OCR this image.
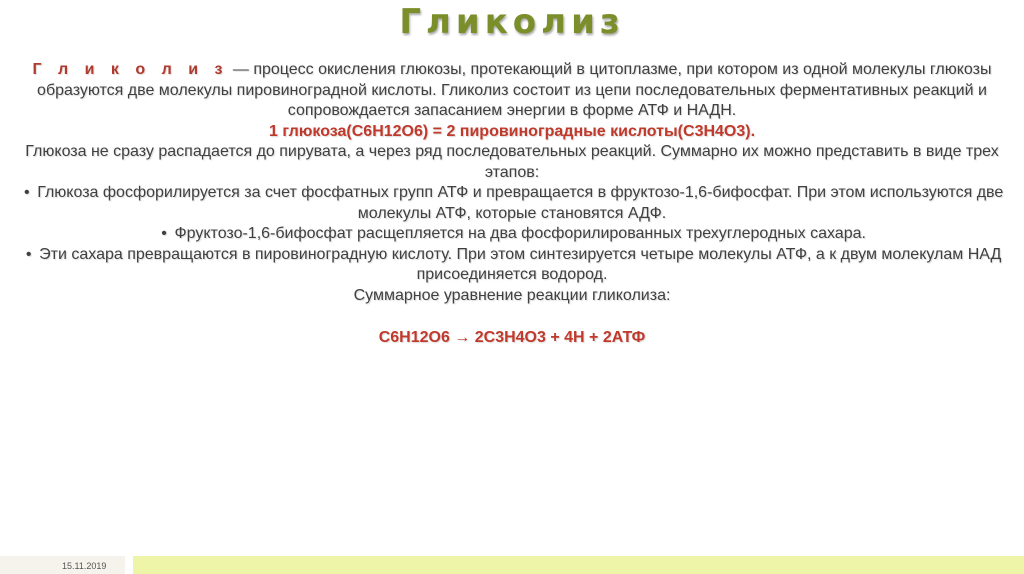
Гликолиз

Г л и к о л и з — процесс окисления глюкозы, протекающий в цитоплазме, при котором из одной молекулы глюкозы образуются две молекулы пировиноградной кислоты. Гликолиз состоит из цепи последовательных ферментативных реакций и сопровождается запасанием энергии в форме АТФ и НАДН.

1 глюкоза(С6Н12О6) = 2 пировиноградные кислоты(С3Н4О3).

Глюкоза не сразу распадается до пирувата, а через ряд последовательных реакций. Суммарно их можно представить в виде трех этапов:

• Глюкоза фосфорилируется за счет фосфатных групп АТФ и превращается в фруктозо-1,6-бифосфат. При этом используются две молекулы АТФ, которые становятся АДФ.

• Фруктозо-1,6-бифосфат расщепляется на два фосфорилированных трехуглеродных сахара.

• Эти сахара превращаются в пировиноградную кислоту. При этом синтезируется четыре молекулы АТФ, а к двум молекулам НАД присоединяется водород.

Суммарное уравнение реакции гликолиза:

C6H12O6 → 2C3H4O3 + 4H + 2АТФ

15.11.2019
